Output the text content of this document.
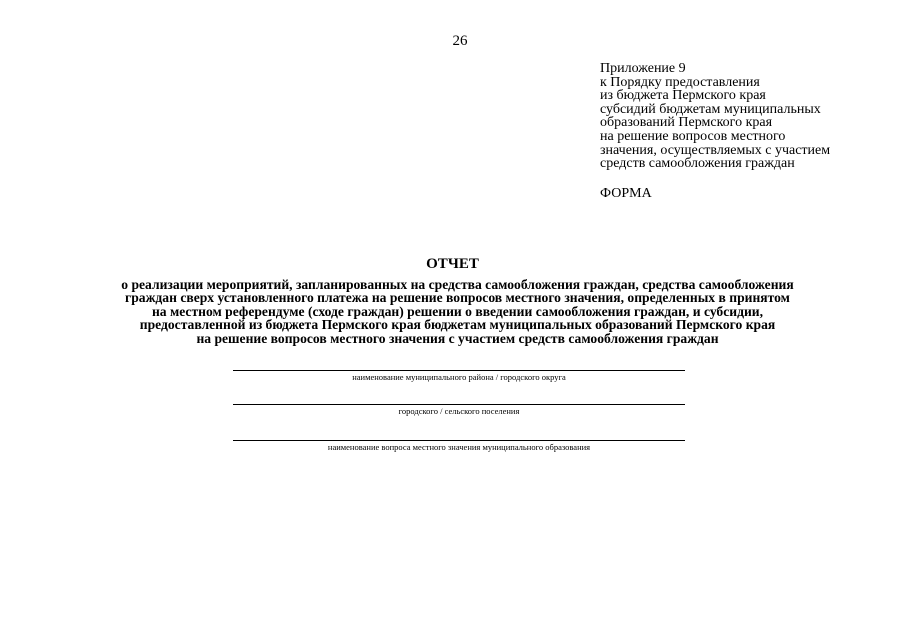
26
Приложение 9
к Порядку предоставления
из бюджета Пермского края
субсидий бюджетам муниципальных
образований Пермского края
на решение вопросов местного
значения, осуществляемых с участием
средств самообложения граждан
ФОРМА
ОТЧЕТ
о реализации мероприятий, запланированных на средства самообложения граждан, средства самообложения
граждан сверх установленного платежа на решение вопросов местного значения, определенных в принятом
на местном референдуме (сходе граждан) решении о введении самообложения граждан, и субсидии,
предоставленной из бюджета Пермского края бюджетам муниципальных образований Пермского края
на решение вопросов местного значения с участием средств самообложения граждан
наименование муниципального района / городского округа
городского / сельского поселения
наименование вопроса местного значения муниципального образования
